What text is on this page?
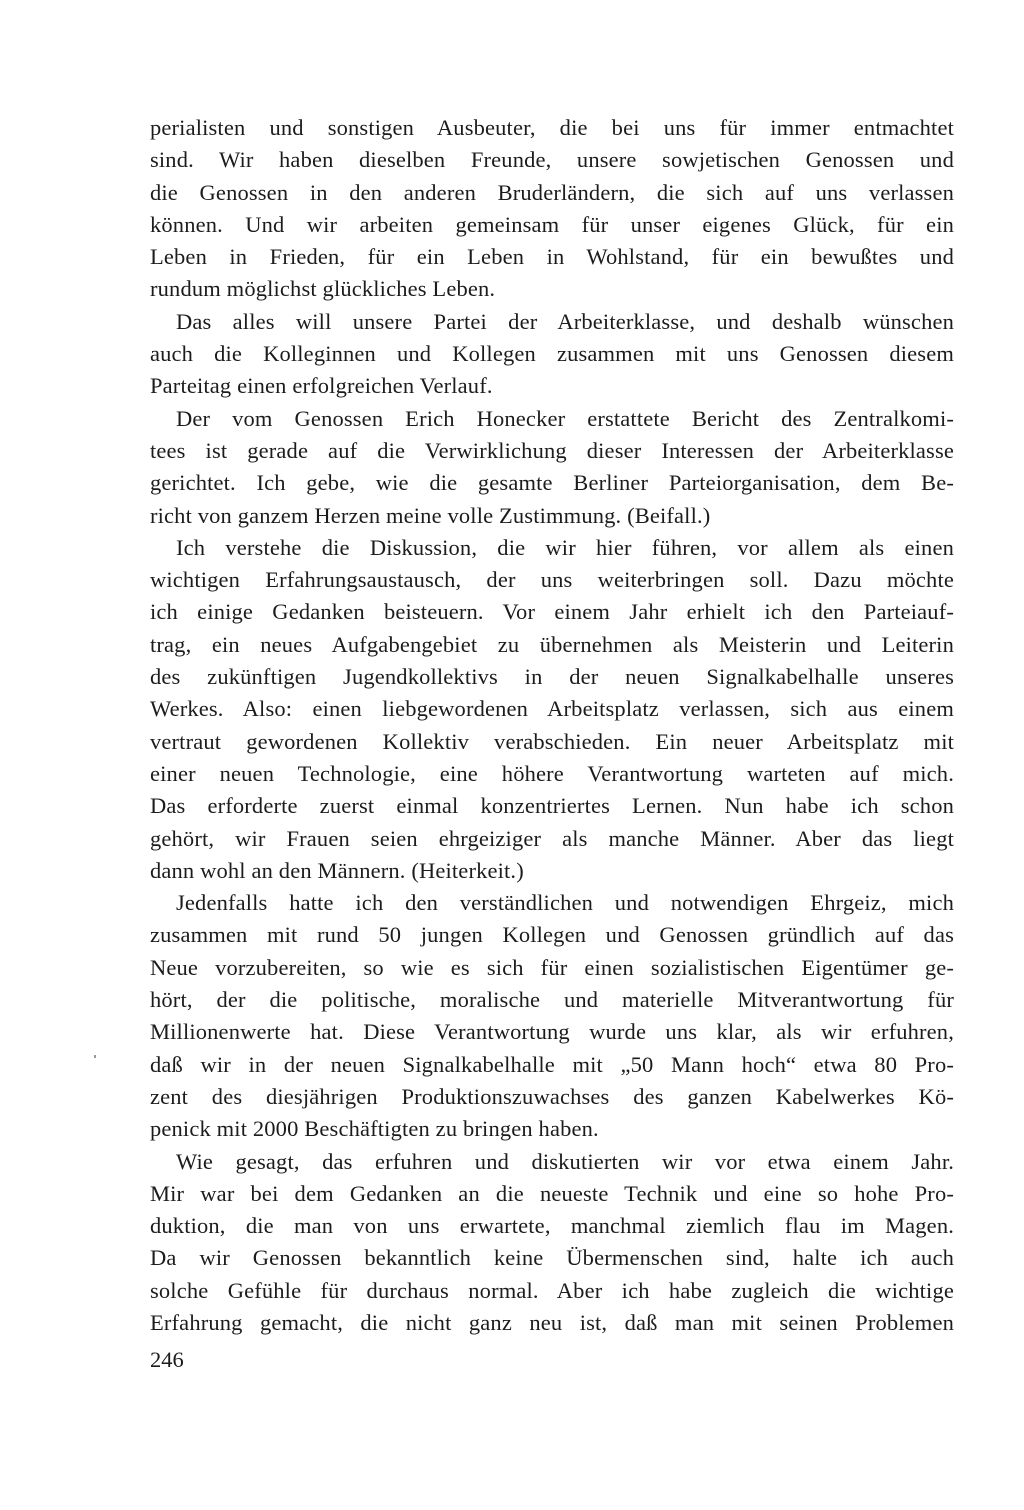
perialisten und sonstigen Ausbeuter, die bei uns für immer entmachtet
sind. Wir haben dieselben Freunde, unsere sowjetischen Genossen und
die Genossen in den anderen Bruderländern, die sich auf uns verlassen
können. Und wir arbeiten gemeinsam für unser eigenes Glück, für ein
Leben in Frieden, für ein Leben in Wohlstand, für ein bewußtes und
rundum möglichst glückliches Leben.
Das alles will unsere Partei der Arbeiterklasse, und deshalb wünschen
auch die Kolleginnen und Kollegen zusammen mit uns Genossen diesem
Parteitag einen erfolgreichen Verlauf.
Der vom Genossen Erich Honecker erstattete Bericht des Zentralkomi-
tees ist gerade auf die Verwirklichung dieser Interessen der Arbeiterklasse
gerichtet. Ich gebe, wie die gesamte Berliner Parteiorganisation, dem Be-
richt von ganzem Herzen meine volle Zustimmung. (Beifall.)
Ich verstehe die Diskussion, die wir hier führen, vor allem als einen
wichtigen Erfahrungsaustausch, der uns weiterbringen soll. Dazu möchte
ich einige Gedanken beisteuern. Vor einem Jahr erhielt ich den Parteiauf-
trag, ein neues Aufgabengebiet zu übernehmen als Meisterin und Leiterin
des zukünftigen Jugendkollektivs in der neuen Signalkabelhalle unseres
Werkes. Also: einen liebgewordenen Arbeitsplatz verlassen, sich aus einem
vertraut gewordenen Kollektiv verabschieden. Ein neuer Arbeitsplatz mit
einer neuen Technologie, eine höhere Verantwortung warteten auf mich.
Das erforderte zuerst einmal konzentriertes Lernen. Nun habe ich schon
gehört, wir Frauen seien ehrgeiziger als manche Männer. Aber das liegt
dann wohl an den Männern. (Heiterkeit.)
Jedenfalls hatte ich den verständlichen und notwendigen Ehrgeiz, mich
zusammen mit rund 50 jungen Kollegen und Genossen gründlich auf das
Neue vorzubereiten, so wie es sich für einen sozialistischen Eigentümer ge-
hört, der die politische, moralische und materielle Mitverantwortung für
Millionenwerte hat. Diese Verantwortung wurde uns klar, als wir erfuhren,
daß wir in der neuen Signalkabelhalle mit „50 Mann hoch“ etwa 80 Pro-
zent des diesjährigen Produktionszuwachses des ganzen Kabelwerkes Kö-
penick mit 2000 Beschäftigten zu bringen haben.
Wie gesagt, das erfuhren und diskutierten wir vor etwa einem Jahr.
Mir war bei dem Gedanken an die neueste Technik und eine so hohe Pro-
duktion, die man von uns erwartete, manchmal ziemlich flau im Magen.
Da wir Genossen bekanntlich keine Übermenschen sind, halte ich auch
solche Gefühle für durchaus normal. Aber ich habe zugleich die wichtige
Erfahrung gemacht, die nicht ganz neu ist, daß man mit seinen Problemen
246
